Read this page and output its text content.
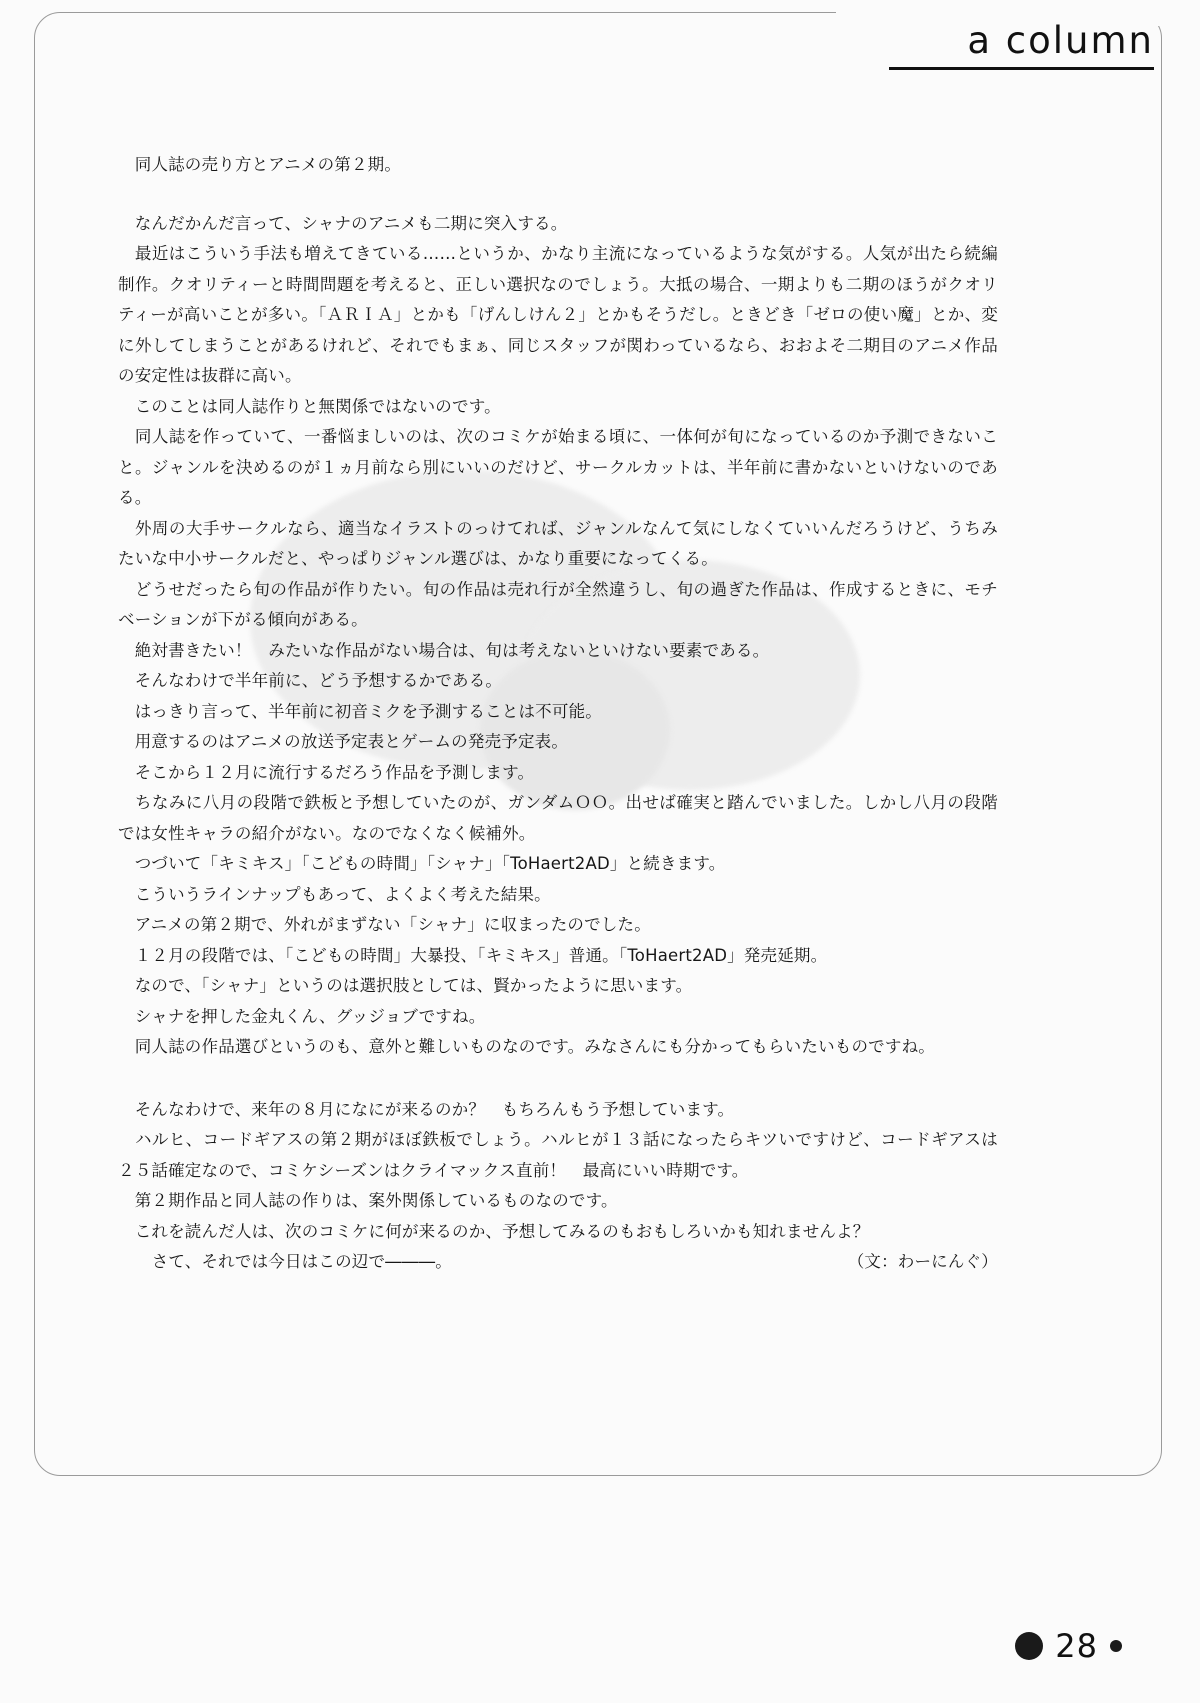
a column

　同人誌の売り方とアニメの第２期。

　なんだかんだ言って、シャナのアニメも二期に突入する。

　最近はこういう手法も増えてきている……というか、かなり主流になっているような気がする。人気が出たら続編制作。クオリティーと時間問題を考えると、正しい選択なのでしょう。大抵の場合、一期よりも二期のほうがクオリティーが高いことが多い。「ＡＲＩＡ」とかも「げんしけん２」とかもそうだし。ときどき「ゼロの使い魔」とか、変に外してしまうことがあるけれど、それでもまぁ、同じスタッフが関わっているなら、おおよそ二期目のアニメ作品の安定性は抜群に高い。

　このことは同人誌作りと無関係ではないのです。

　同人誌を作っていて、一番悩ましいのは、次のコミケが始まる頃に、一体何が旬になっているのか予測できないこと。ジャンルを決めるのが１ヵ月前なら別にいいのだけど、サークルカットは、半年前に書かないといけないのである。

　外周の大手サークルなら、適当なイラストのっけてれば、ジャンルなんて気にしなくていいんだろうけど、うちみたいな中小サークルだと、やっぱりジャンル選びは、かなり重要になってくる。

　どうせだったら旬の作品が作りたい。旬の作品は売れ行が全然違うし、旬の過ぎた作品は、作成するときに、モチベーションが下がる傾向がある。

　絶対書きたい！　みたいな作品がない場合は、旬は考えないといけない要素である。

　そんなわけで半年前に、どう予想するかである。

　はっきり言って、半年前に初音ミクを予測することは不可能。

　用意するのはアニメの放送予定表とゲームの発売予定表。

　そこから１２月に流行するだろう作品を予測します。

　ちなみに八月の段階で鉄板と予想していたのが、ガンダムＯＯ。出せば確実と踏んでいました。しかし八月の段階では女性キャラの紹介がない。なのでなくなく候補外。

　つづいて「キミキス」「こどもの時間」「シャナ」「ToHaert2AD」と続きます。

　こういうラインナップもあって、よくよく考えた結果。

　アニメの第２期で、外れがまずない「シャナ」に収まったのでした。

　１２月の段階では、「こどもの時間」大暴投、「キミキス」普通。「ToHaert2AD」発売延期。

　なので、「シャナ」というのは選択肢としては、賢かったように思います。

　シャナを押した金丸くん、グッジョブですね。

　同人誌の作品選びというのも、意外と難しいものなのです。みなさんにも分かってもらいたいものですね。

　そんなわけで、来年の８月になにが来るのか？　もちろんもう予想しています。

　ハルヒ、コードギアスの第２期がほぼ鉄板でしょう。ハルヒが１３話になったらキツいですけど、コードギアスは２５話確定なので、コミケシーズンはクライマックス直前！　最高にいい時期です。

　第２期作品と同人誌の作りは、案外関係しているものなのです。

　これを読んだ人は、次のコミケに何が来るのか、予想してみるのもおもしろいかも知れませんよ？

　さて、それでは今日はこの辺で―――。	（文：わーにんぐ）
28
